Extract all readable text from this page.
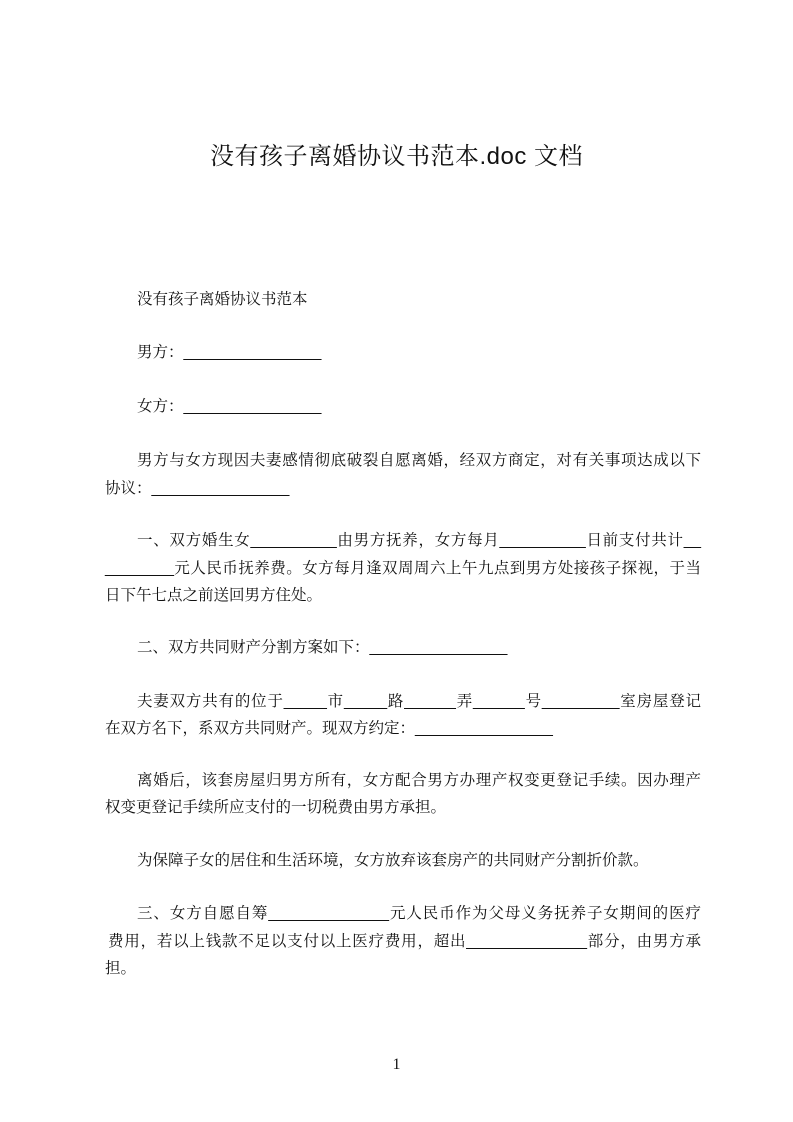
没有孩子离婚协议书范本.doc 文档
没有孩子离婚协议书范本
男方：________________
女方：________________
男方与女方现因夫妻感情彻底破裂自愿离婚，经双方商定，对有关事项达成以下
协议：________________
一、双方婚生女__________由男方抚养，女方每月__________日前支付共计__
________元人民币抚养费。女方每月逢双周周六上午九点到男方处接孩子探视，于当
日下午七点之前送回男方住处。
二、双方共同财产分割方案如下：________________
夫妻双方共有的位于_____市_____路______弄______号_________室房屋登记
在双方名下，系双方共同财产。现双方约定：________________
离婚后，该套房屋归男方所有，女方配合男方办理产权变更登记手续。因办理产
权变更登记手续所应支付的一切税费由男方承担。
为保障子女的居住和生活环境，女方放弃该套房产的共同财产分割折价款。
三、女方自愿自筹______________元人民币作为父母义务抚养子女期间的医疗
费用，若以上钱款不足以支付以上医疗费用，超出______________部分，由男方承
担。
1
